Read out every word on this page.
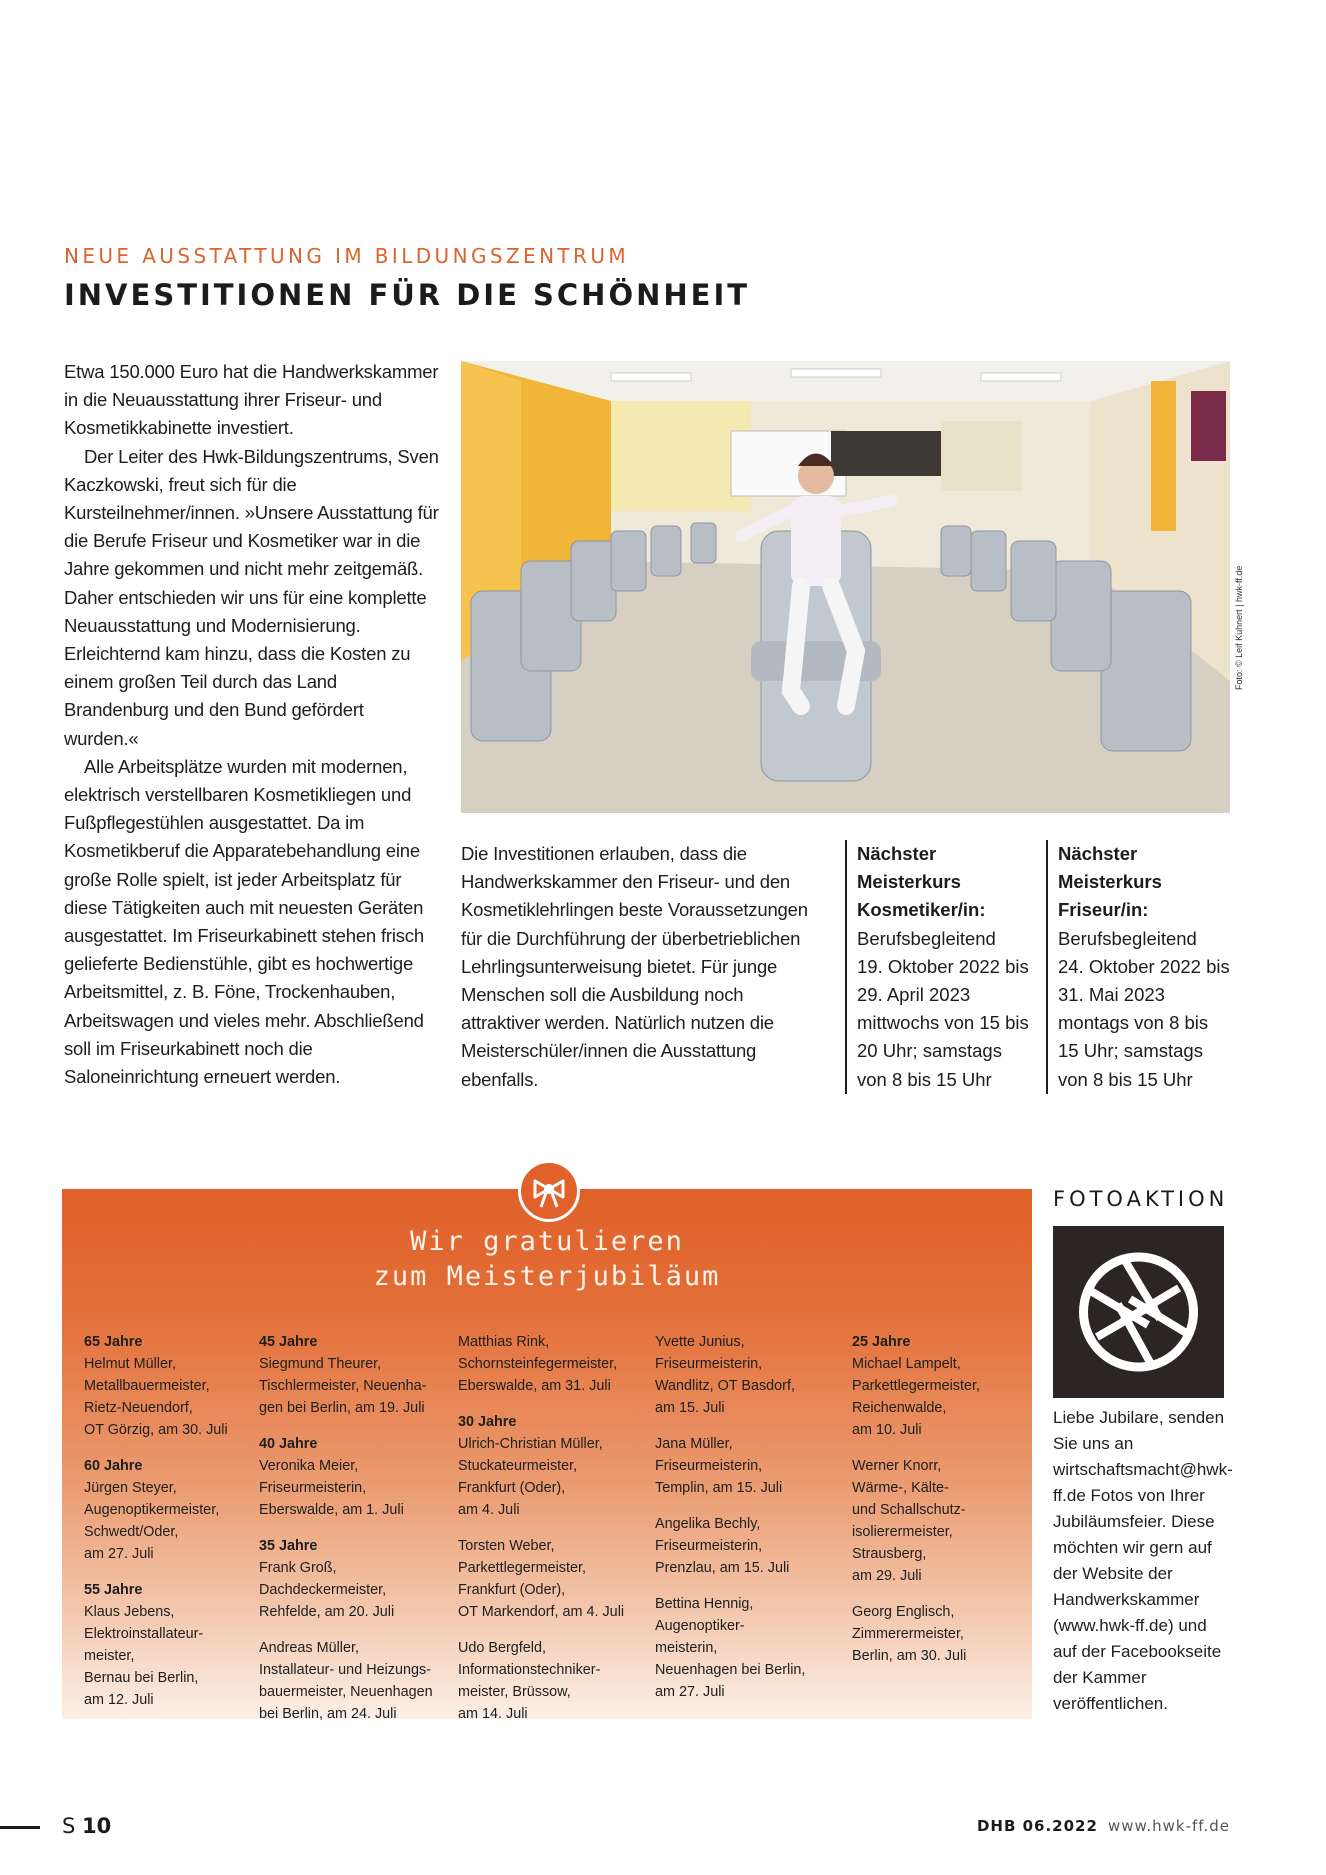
NEUE AUSSTATTUNG IM BILDUNGSZENTRUM
INVESTITIONEN FÜR DIE SCHÖNHEIT

Etwa 150.000 Euro hat die Handwerkskammer in die Neuausstattung ihrer Friseur- und Kosmetikkabinette investiert.

Der Leiter des Hwk-Bildungszentrums, Sven Kaczkowski, freut sich für die Kursteilnehmer/innen. »Unsere Ausstattung für die Berufe Friseur und Kosmetiker war in die Jahre gekommen und nicht mehr zeitgemäß. Daher entschieden wir uns für eine komplette Neuausstattung und Modernisierung. Erleichternd kam hinzu, dass die Kosten zu einem großen Teil durch das Land Brandenburg und den Bund gefördert wurden.«

Alle Arbeitsplätze wurden mit modernen, elektrisch verstellbaren Kosmetikliegen und Fußpflegestühlen ausgestattet. Da im Kosmetikberuf die Apparatebehandlung eine große Rolle spielt, ist jeder Arbeitsplatz für diese Tätigkeiten auch mit neuesten Geräten ausgestattet. Im Friseurkabinett stehen frisch gelieferte Bedienstühle, gibt es hochwertige Arbeitsmittel, z. B. Föne, Trockenhauben, Arbeitswagen und vieles mehr. Abschließend soll im Friseurkabinett noch die Saloneinrichtung erneuert werden.

Foto: © Leif Kuhnert | hwk-ff.de

Die Investitionen erlauben, dass die Handwerkskammer den Friseur- und den Kosmetiklehrlingen beste Voraussetzungen für die Durchführung der überbetrieblichen Lehrlingsunterweisung bietet. Für junge Menschen soll die Ausbildung noch attraktiver werden. Natürlich nutzen die Meisterschüler/innen die Ausstattung ebenfalls.

Nächster Meisterkurs Kosmetiker/in:
Berufsbegleitend
19. Oktober 2022 bis
29. April 2023
mittwochs von 15 bis
20 Uhr; samstags
von 8 bis 15 Uhr
Nächster Meisterkurs Friseur/in:
Berufsbegleitend
24. Oktober 2022 bis
31. Mai 2023
montags von 8 bis
15 Uhr; samstags
von 8 bis 15 Uhr
Wir gratulieren
zum Meisterjubiläum
65 Jahre
Helmut Müller,
Metallbauermeister,
Rietz-Neuendorf,
OT Görzig, am 30. Juli
60 Jahre
Jürgen Steyer,
Augenoptikermeister,
Schwedt/Oder,
am 27. Juli
55 Jahre
Klaus Jebens,
Elektroinstallateur-
meister,
Bernau bei Berlin,
am 12. Juli
45 Jahre
Siegmund Theurer,
Tischlermeister, Neuenha-
gen bei Berlin, am 19. Juli
40 Jahre
Veronika Meier,
Friseurmeisterin,
Eberswalde, am 1. Juli
35 Jahre
Frank Groß,
Dachdeckermeister,
Rehfelde, am 20. Juli
Andreas Müller,
Installateur- und Heizungs-
bauermeister, Neuenhagen
bei Berlin, am 24. Juli
Matthias Rink,
Schornsteinfegermeister,
Eberswalde, am 31. Juli
30 Jahre
Ulrich-Christian Müller,
Stuckateurmeister,
Frankfurt (Oder),
am 4. Juli
Torsten Weber,
Parkettlegermeister,
Frankfurt (Oder),
OT Markendorf, am 4. Juli
Udo Bergfeld,
Informationstechniker-
meister, Brüssow,
am 14. Juli
Yvette Junius,
Friseurmeisterin,
Wandlitz, OT Basdorf,
am 15. Juli
Jana Müller,
Friseurmeisterin,
Templin, am 15. Juli
Angelika Bechly,
Friseurmeisterin,
Prenzlau, am 15. Juli
Bettina Hennig,
Augenoptiker-
meisterin,
Neuenhagen bei Berlin,
am 27. Juli
25 Jahre
Michael Lampelt,
Parkettlegermeister,
Reichenwalde,
am 10. Juli
Werner Knorr,
Wärme-, Kälte-
und Schallschutz-
isolierermeister,
Strausberg,
am 29. Juli
Georg Englisch,
Zimmerermeister,
Berlin, am 30. Juli
FOTOAKTION
Liebe Jubilare, senden Sie uns an wirtschaftsmacht@hwk-ff.de Fotos von Ihrer Jubiläumsfeier. Diese möchten wir gern auf der Website der Handwerkskammer (www.hwk-ff.de) und auf der Facebookseite der Kammer veröffentlichen.
S 10	DHB 06.2022 www.hwk-ff.de
